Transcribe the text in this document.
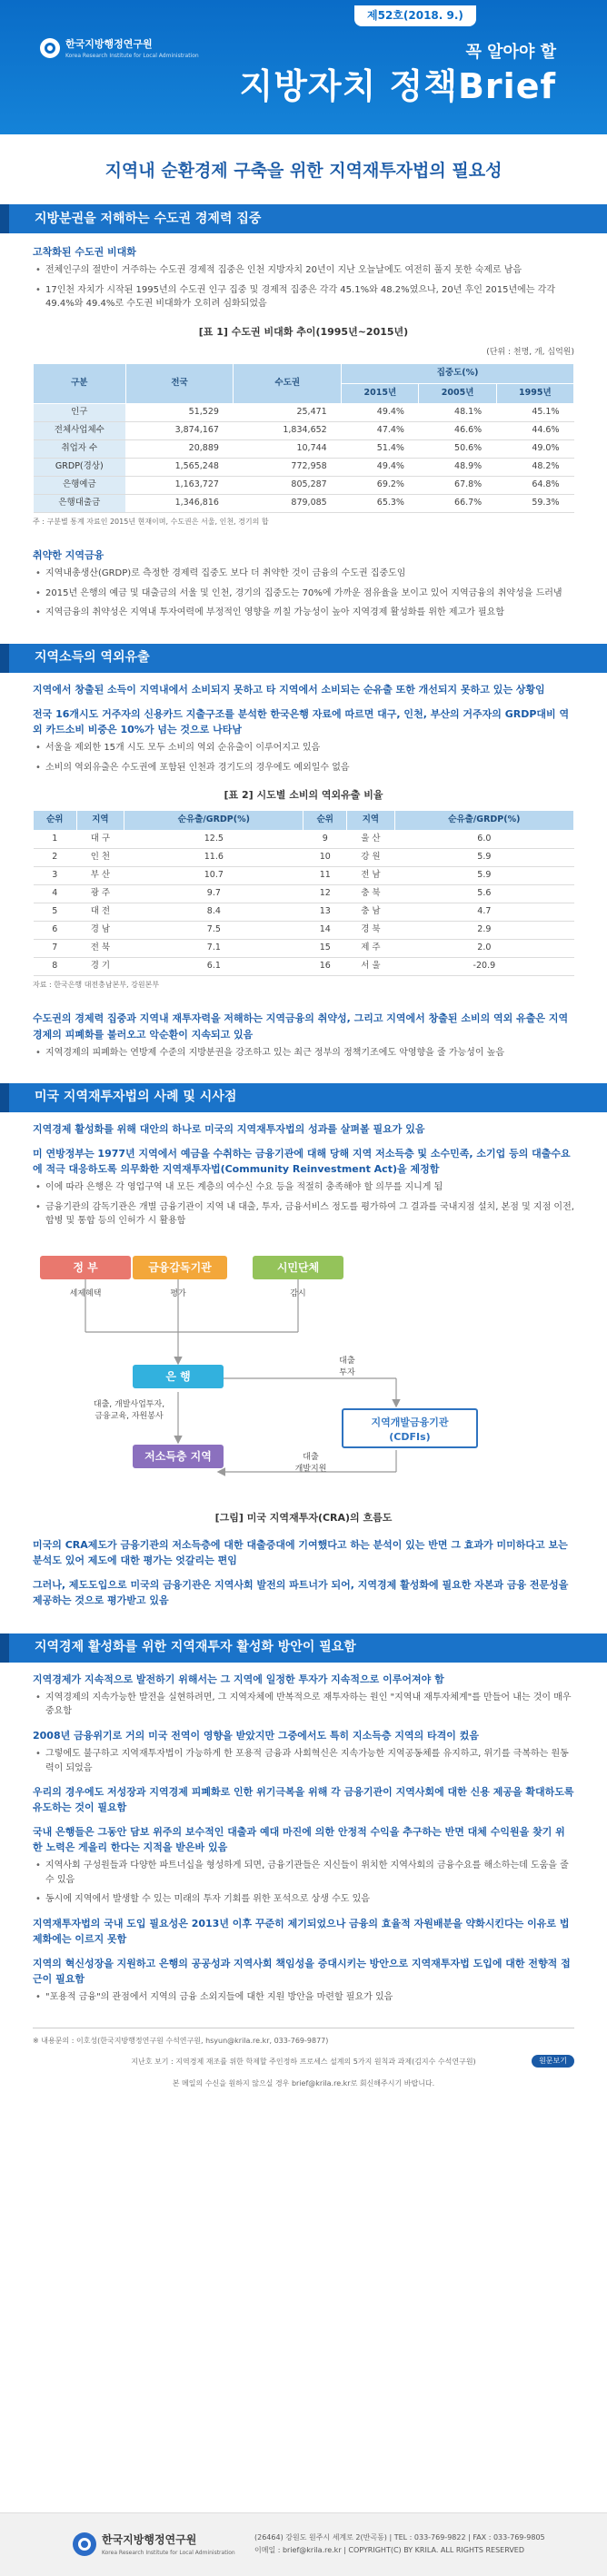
제52호(2018. 9.)
한국지방행정연구원
Korea Research Institute for Local Administration	꼭 알아야 할
지방자치 정책Brief
지역내 순환경제 구축을 위한 지역재투자법의 필요성
지방분권을 저해하는 수도권 경제력 집중
고착화된 수도권 비대화
• 전체인구의 절반이 거주하는 수도권 경제적 집중은 인천 지방자치 20년이 지난 오늘날에도 여전히 풀지 못한 숙제로 남음
• 17인천 자치가 시작된 1995년의 수도권 인구 집중 및 경제적 집중은 각각 45.1%와 48.2%였으나, 20년 후인 2015년에는 각각 49.4%와 49.4%로 수도권 비대화가 오히려 심화되었음
[표 1] 수도권 비대화 추이(1995년~2015년)
(단위 : 천명, 개, 십억원)
구분	전국	수도권	집중도(%)		
			2015년	2005년	1995년
인구	51,529	25,471	49.4%	48.1%	45.1%
전체사업체수	3,874,167	1,834,652	47.4%	46.6%	44.6%
취업자 수	20,889	10,744	51.4%	50.6%	49.0%
GRDP(경상)	1,565,248	772,958	49.4%	48.9%	48.2%
은행예금	1,163,727	805,287	69.2%	67.8%	64.8%
은행대출금	1,346,816	879,085	65.3%	66.7%	59.3%
주 : 구분별 통계 자료인 2015년 현재이며, 수도권은 서울, 인천, 경기의 합
취약한 지역금융
• 지역내총생산(GRDP)로 측정한 경제력 집중도 보다 더 취약한 것이 금융의 수도권 집중도임
• 2015년 은행의 예금 및 대출금의 서울 및 인천, 경기의 집중도는 70%에 가까운 점유율을 보이고 있어 지역금융의 취약성을 드러냄
• 지역금융의 취약성은 지역내 투자여력에 부정적인 영향을 끼칠 가능성이 높아 지역경제 활성화를 위한 제고가 필요함
지역소득의 역외유출
지역에서 창출된 소득이 지역내에서 소비되지 못하고 타 지역에서 소비되는 순유출 또한 개선되지 못하고 있는 상황임
전국 16개시도 거주자의 신용카드 지출구조를 분석한 한국은행 자료에 따르면 대구, 인천, 부산의 거주자의 GRDP대비 역외 카드소비 비중은 10%가 넘는 것으로 나타남
• 서울을 제외한 15개 시도 모두 소비의 역외 순유출이 이루어지고 있음
• 소비의 역외유출은 수도권에 포함된 인천과 경기도의 경우에도 예외일수 없음
[표 2] 시도별 소비의 역외유출 비율
순위	지역	순유출/GRDP(%)	순위	지역	순유출/GRDP(%)
1	대 구	12.5	9	울 산	6.0
2	인 천	11.6	10	강 원	5.9
3	부 산	10.7	11	전 남	5.9
4	광 주	9.7	12	충 북	5.6
5	대 전	8.4	13	충 남	4.7
6	경 남	7.5	14	경 북	2.9
7	전 북	7.1	15	제 주	2.0
8	경 기	6.1	16	서 울	-20.9
자료 : 한국은행 대전충남본부, 강원본부
수도권의 경제력 집중과 지역내 재투자력을 저해하는 지역금융의 취약성, 그리고 지역에서 창출된 소비의 역외 유출은 지역경제의 피폐화를 불러오고 악순환이 지속되고 있음
• 지역경제의 피폐화는 연방제 수준의 지방분권을 강조하고 있는 최근 정부의 정책기조에도 악영향을 줄 가능성이 높음
미국 지역재투자법의 사례 및 시사점
지역경제 활성화를 위해 대안의 하나로 미국의 지역재투자법의 성과를 살펴볼 필요가 있음
미 연방정부는 1977년 지역에서 예금을 수취하는 금융기관에 대해 당해 지역 저소득층 및 소수민족, 소기업 등의 대출수요에 적극 대응하도록 의무화한 지역재투자법(Community Reinvestment Act)을 제정함
• 이에 따라 은행은 각 영업구역 내 모든 계층의 여수신 수요 등을 적절히 충족해야 할 의무를 지니게 됨
• 금융기관의 감독기관은 개별 금융기관이 지역 내 대출, 투자, 금융서비스 정도를 평가하여 그 결과를 국내지점 설치, 본점 및 지점 이전, 합병 및 통합 등의 인허가 시 활용함
정 부	금융감독기관	시민단체
세제혜택	평가	감시
은 행
대출
투자
대출, 개발사업투자,
금융교육, 자원봉사	지역개발금융기관
(CDFIs)
저소득층 지역	대출
개발지원
[그림] 미국 지역재투자(CRA)의 흐름도
미국의 CRA제도가 금융기관의 저소득층에 대한 대출증대에 기여했다고 하는 분석이 있는 반면 그 효과가 미미하다고 보는 분석도 있어 제도에 대한 평가는 엇갈리는 편임
그러나, 제도도입으로 미국의 금융기관은 지역사회 발전의 파트너가 되어, 지역경제 활성화에 필요한 자본과 금융 전문성을 제공하는 것으로 평가받고 있음
지역경제 활성화를 위한 지역재투자 활성화 방안이 필요함
지역경제가 지속적으로 발전하기 위해서는 그 지역에 일정한 투자가 지속적으로 이루어져야 함
• 지역경제의 지속가능한 발전을 실현하려면, 그 지역자체에 반복적으로 재투자하는 원인 "지역내 재투자체계"를 만들어 내는 것이 매우 중요함
2008년 금융위기로 거의 미국 전역이 영향을 받았지만 그중에서도 특히 지소득층 지역의 타격이 컸음
• 그렇에도 불구하고 지역재투자법이 가능하게 한 포용적 금융과 사회혁신은 지속가능한 지역공동체를 유지하고, 위기를 극복하는 원동력이 되었음
우리의 경우에도 저성장과 지역경제 피폐화로 인한 위기극복을 위해 각 금융기관이 지역사회에 대한 신용 제공을 확대하도록 유도하는 것이 필요함
국내 은행들은 그동안 담보 위주의 보수적인 대출과 예대 마진에 의한 안정적 수익을 추구하는 반면 대체 수익원을 찾기 위한 노력은 게을리 한다는 지적을 받은바 있음
• 지역사회 구성원들과 다양한 파트너십을 형성하게 되면, 금융기관들은 지신들이 위치한 지역사회의 금융수요를 해소하는데 도움을 줄 수 있음
• 동시에 지역에서 발생할 수 있는 미래의 투자 기회를 위한 포석으로 상생 수도 있음
지역재투자법의 국내 도입 필요성은 2013년 이후 꾸준히 제기되었으나 금융의 효율적 자원배분을 약화시킨다는 이유로 법제화에는 이르지 못함
지역의 혁신성장을 지원하고 은행의 공공성과 지역사회 책임성을 증대시키는 방안으로 지역재투자법 도입에 대한 전향적 접근이 필요함
• "포용적 금융"의 관점에서 지역의 금융 소외지들에 대한 지원 방안을 마련할 필요가 있음
※ 내용문의 : 이호성(한국지방행정연구원 수석연구원, hsyun@krila.re.kr, 033-769-9877)
지난호 보기 : 지역경제 재조를 위한 학제할 주인정하 프로세스 설계의 5가지 원칙과 과제(김지수 수석연구원)	원문보기
본 메일의 수신을 원하지 않으실 경우 brief@krila.re.kr로 회신해주시기 바랍니다.
한국지방행정연구원
Korea Research Institute for Local Administration
(26464) 강원도 원주시 세계로 2(반곡동) | TEL : 033-769-9822 | FAX : 033-769-9805
이메일 : brief@krila.re.kr | COPYRIGHT(C) BY KRILA. ALL RIGHTS RESERVED
